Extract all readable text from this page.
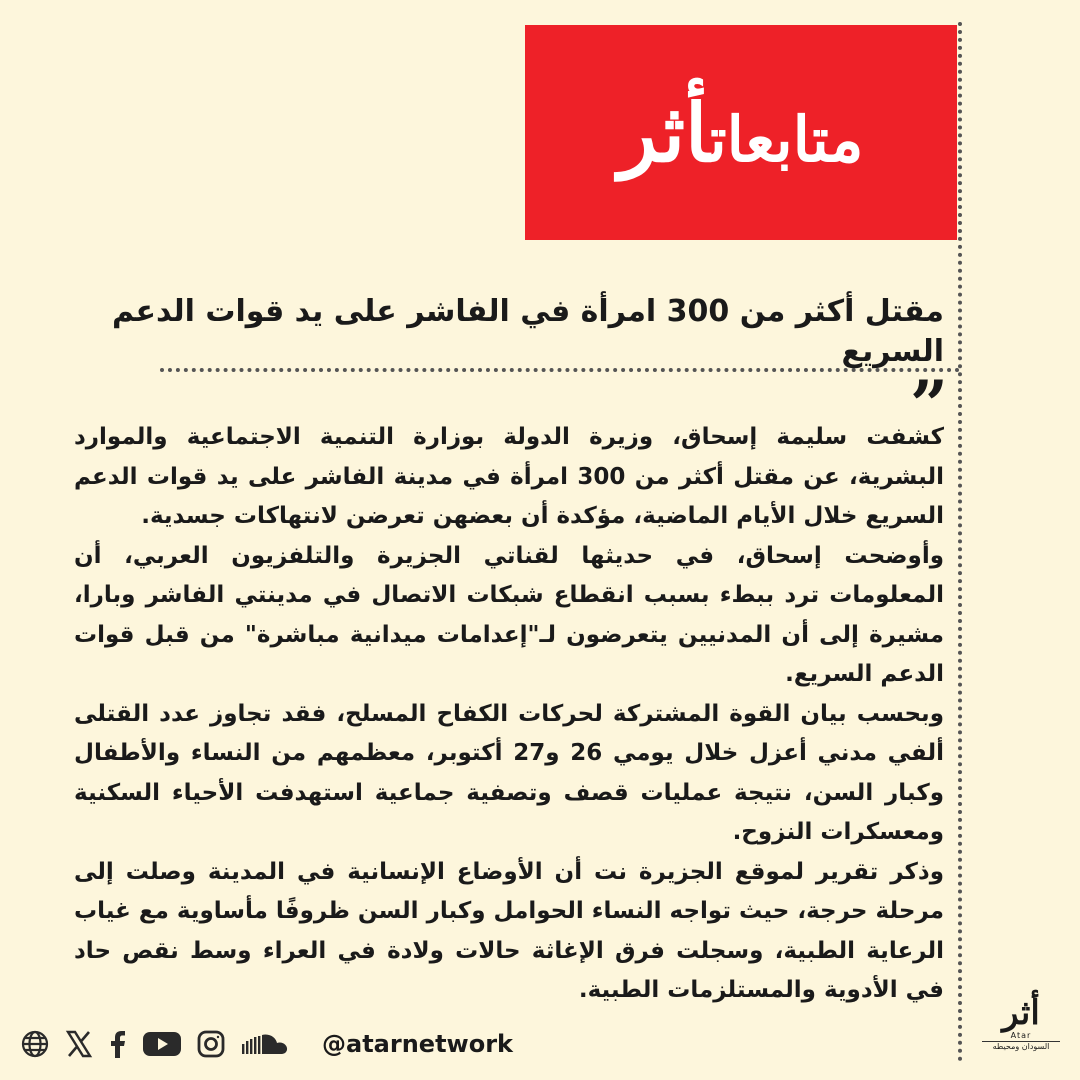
متابعاتأثر
مقتل أكثر من 300 امرأة في الفاشر على يد قوات الدعم السريع
”

كشفت سليمة إسحاق، وزيرة الدولة بوزارة التنمية الاجتماعية والموارد البشرية، عن مقتل أكثر من 300 امرأة في مدينة الفاشر على يد قوات الدعم السريع خلال الأيام الماضية، مؤكدة أن بعضهن تعرضن لانتهاكات جسدية.

وأوضحت إسحاق، في حديثها لقناتي الجزيرة والتلفزيون العربي، أن المعلومات ترد ببطء بسبب انقطاع شبكات الاتصال في مدينتي الفاشر وبارا، مشيرة إلى أن المدنيين يتعرضون لـ"إعدامات ميدانية مباشرة" من قبل قوات الدعم السريع.

وبحسب بيان القوة المشتركة لحركات الكفاح المسلح، فقد تجاوز عدد القتلى ألفي مدني أعزل خلال يومي 26 و27 أكتوبر، معظمهم من النساء والأطفال وكبار السن، نتيجة عمليات قصف وتصفية جماعية استهدفت الأحياء السكنية ومعسكرات النزوح.

وذكر تقرير لموقع الجزيرة نت أن الأوضاع الإنسانية في المدينة وصلت إلى مرحلة حرجة، حيث تواجه النساء الحوامل وكبار السن ظروفًا مأساوية مع غياب الرعاية الطبية، وسجلت فرق الإغاثة حالات ولادة في العراء وسط نقص حاد في الأدوية والمستلزمات الطبية.

@atarnetwork
أثر
Atar
السودان ومحيطه
